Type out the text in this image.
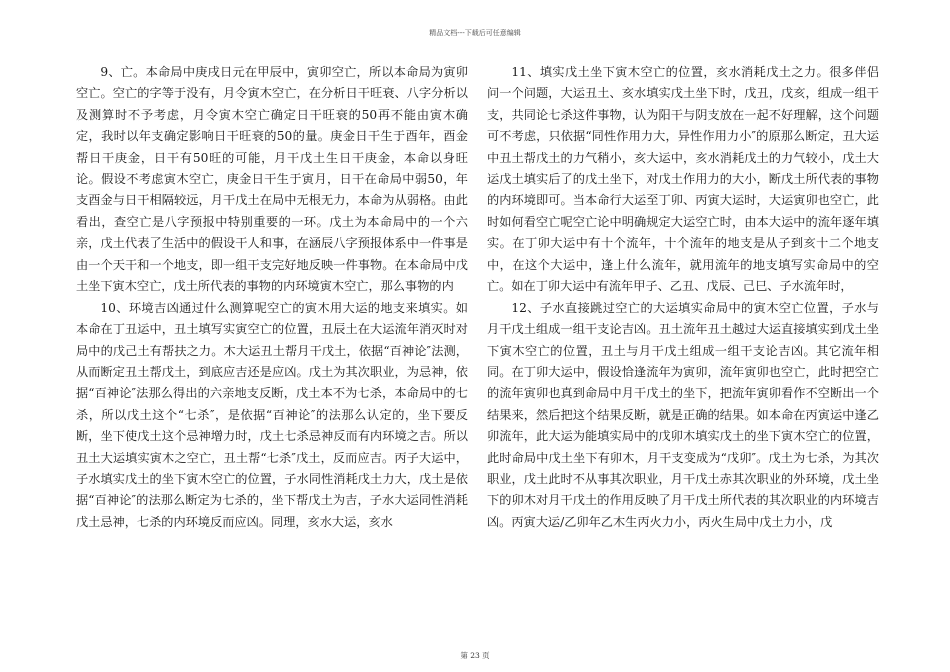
精品文档---下载后可任意编辑

9、亡。本命局中庚戌日元在甲辰中，寅卯空亡，所以本命局为寅卯空亡。空亡的字等于没有，月令寅木空亡，在分析日干旺衰、八字分析以及测算时不予考虑，月令寅木空亡确定日干旺衰的50再不能由寅木确定，我时以年支确定影响日干旺衰的50的量。庚金日干生于酉年，酉金帮日干庚金，日干有50旺的可能，月干戊土生日干庚金，本命以身旺论。假设不考虑寅木空亡，庚金日干生于寅月，日干在命局中弱50，年支酉金与日干相隔较远，月干戊土在局中无根无力，本命为从弱格。由此看出，查空亡是八字预报中特别重要的一环。戊土为本命局中的一个六亲，戊土代表了生活中的假设干人和事，在涵辰八字预报体系中一件事是由一个天干和一个地支，即一组干支完好地反映一件事物。在本命局中戊土坐下寅木空亡，戊土所代表的事物的内环境寅木空亡，那么事物的内

10、环境吉凶通过什么测算呢空亡的寅木用大运的地支来填实。如本命在丁丑运中，丑土填写实寅空亡的位置，丑辰土在大运流年消灭时对局中的戊己土有帮扶之力。木大运丑土帮月干戊土，依据“百神论″法测，从而断定丑土帮戊土，到底应吉还是应凶。戊土为其次职业，为忌神，依据“百神论″法那么得出的六亲地支反断，戊土本不为七杀，本命局中的七杀，所以戊土这个“七杀″，是依据“百神论″的法那么认定的，坐下要反断，坐下使戊土这个忌神增力时，戊土七杀忌神反而有内环境之吉。所以丑土大运填实寅木之空亡，丑土帮“七杀″戊土，反而应吉。丙子大运中，子水填实戊土的坐下寅木空亡的位置，子水同性消耗戊土力大，戊土是依据“百神论″的法那么断定为七杀的，坐下帮戊土为吉，子水大运同性消耗戊土忌神，七杀的内环境反而应凶。同理，亥水大运，亥水

11、填实戊土坐下寅木空亡的位置，亥水消耗戊土之力。很多伴侣问一个问题，大运丑土、亥水填实戊土坐下时，戊丑，戊亥，组成一组干支，共同论七杀这件事物，认为阳干与阴支放在一起不好理解，这个问题可不考虑，只依据“同性作用力大，异性作用力小″的原那么断定，丑大运中丑土帮戊土的力气稍小，亥大运中，亥水消耗戊土的力气较小，戊土大运戊土填实后了的戊土坐下，对戊土作用力的大小，断戊土所代表的事物的内环境即可。当本命行大运至丁卯、丙寅大运时，大运寅卯也空亡，此时如何看空亡呢空亡论中明确规定大运空亡时，由本大运中的流年逐年填实。在丁卯大运中有十个流年，十个流年的地支是从子到亥十二个地支中，在这个大运中，逢上什么流年，就用流年的地支填写实命局中的空亡。如在丁卯大运中有流年甲子、乙丑、戊辰、己巳、子水流年时，

12、子水直接跳过空亡的大运填实命局中的寅木空亡位置，子水与月干戊土组成一组干支论吉凶。丑土流年丑土越过大运直接填实到戊土坐下寅木空亡的位置，丑土与月干戊土组成一组干支论吉凶。其它流年相同。在丁卯大运中，假设恰逢流年为寅卯，流年寅卯也空亡，此时把空亡的流年寅卯也真到命局中月干戊土的坐下，把流年寅卯看作不空断出一个结果来，然后把这个结果反断，就是正确的结果。如本命在丙寅运中逢乙卯流年，此大运为能填实局中的戊卯木填实戊土的坐下寅木空亡的位置，此时命局中戊土坐下有卯木，月干支变成为“戊卯″。戊土为七杀，为其次职业，戊土此时不从事其次职业，月干戊土赤其次职业的外环境，戊土坐下的卯木对月干戊土的作用反映了月干戊土所代表的其次职业的内环境吉凶。丙寅大运/乙卯年乙木生丙火力小，丙火生局中戊土力小，戊

第 23 页
